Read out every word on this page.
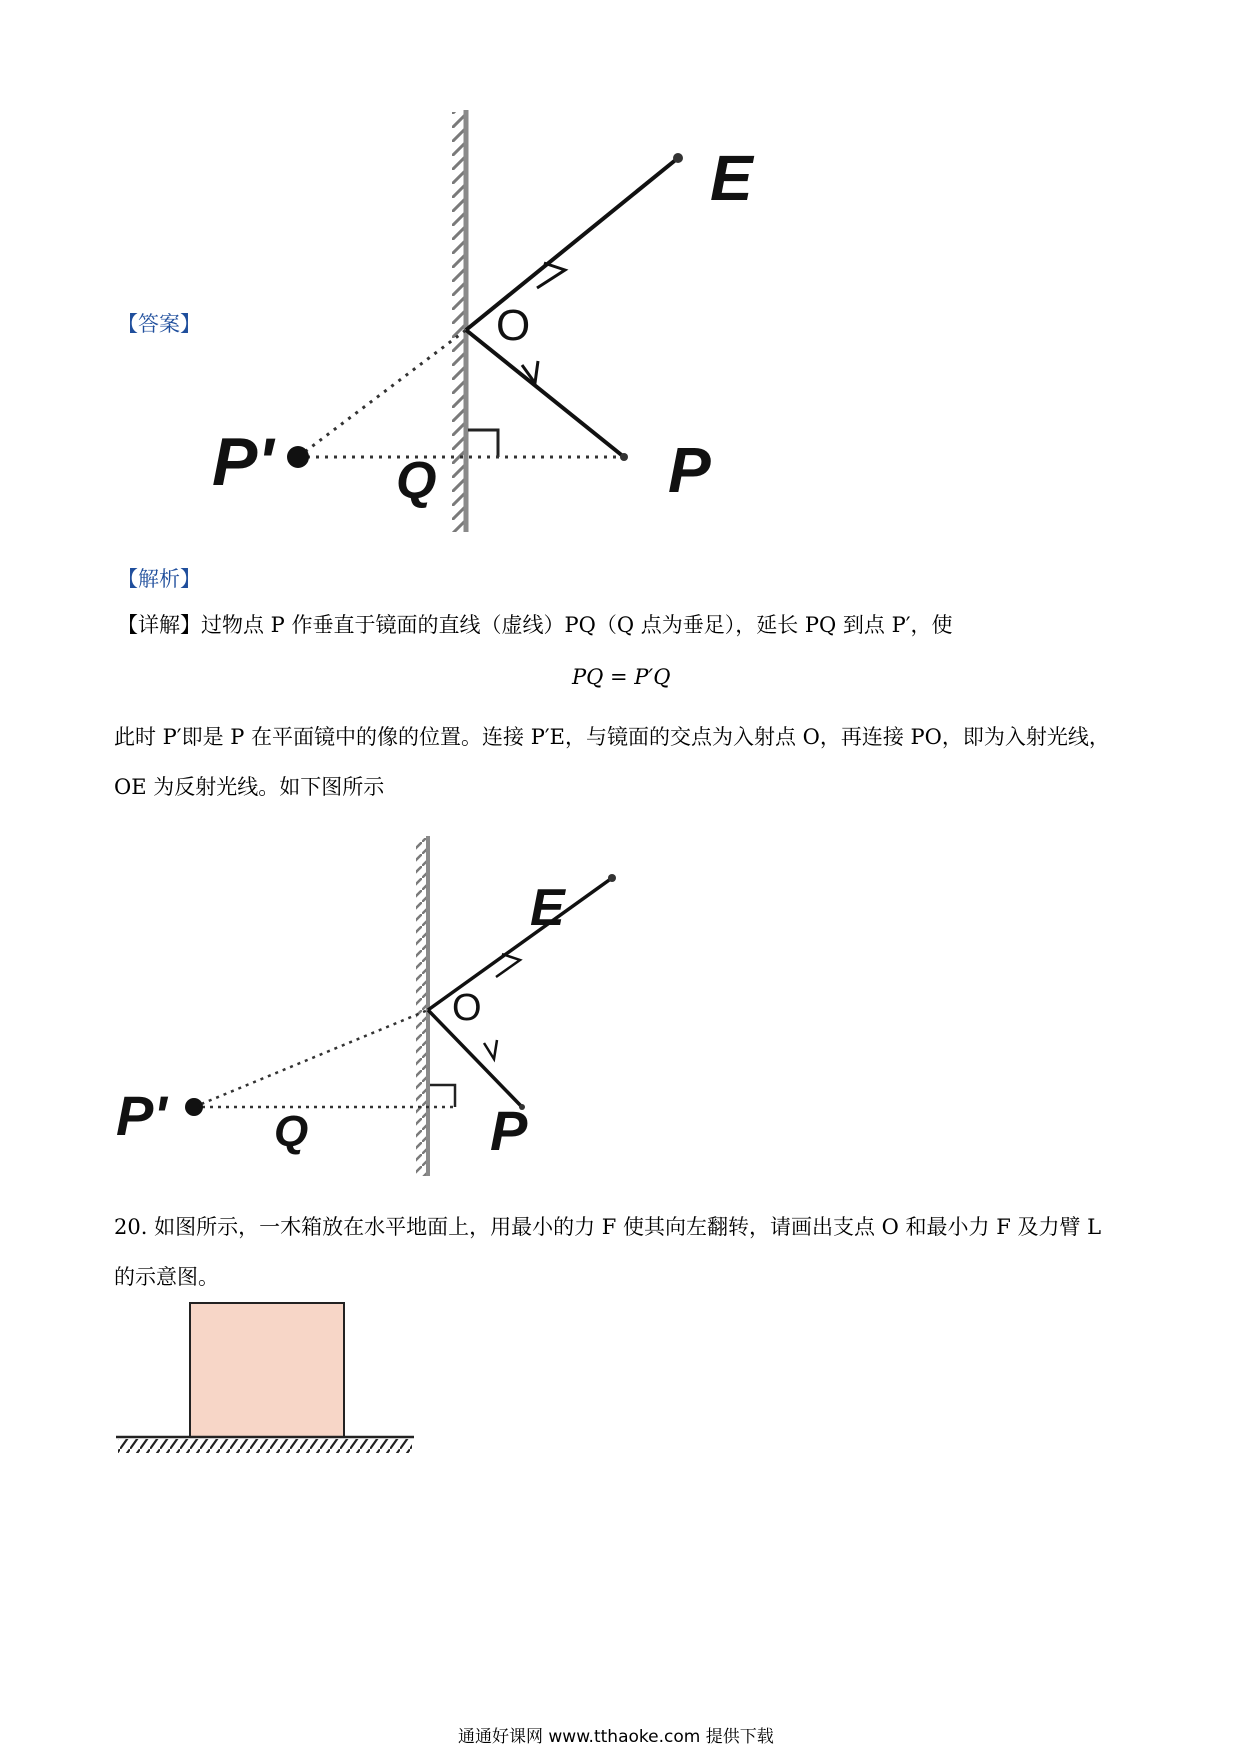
【答案】
E
O
P' Q	P
【解析】
【详解】过物点 P 作垂直于镜面的直线（虚线）PQ（Q 点为垂足），延长 PQ 到点 P′，使
PQ = P′Q
此时 P′即是 P 在平面镜中的像的位置。连接 P′E，与镜面的交点为入射点 O，再连接 PO，即为入射光线，
OE 为反射光线。如下图所示
E
O
P' Q	P
20. 如图所示，一木箱放在水平地面上，用最小的力 F 使其向左翻转，请画出支点 O 和最小力 F 及力臂 L
的示意图。
通通好课网 www.tthaoke.com 提供下载
